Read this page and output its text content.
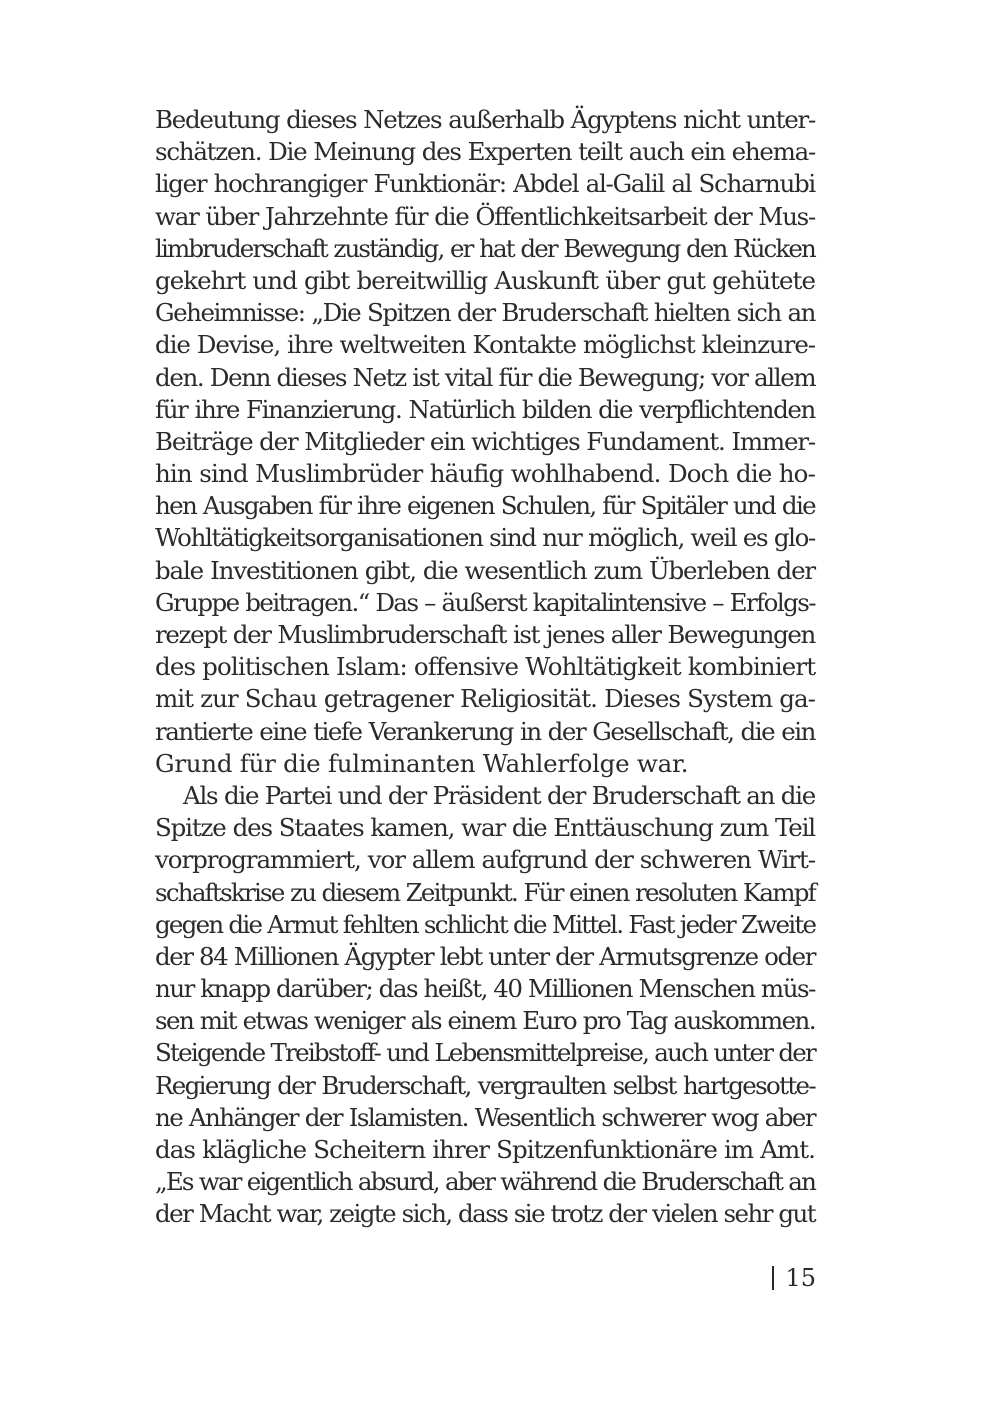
Bedeutung dieses Netzes außerhalb Ägyptens nicht unter-
schätzen. Die Meinung des Experten teilt auch ein ehema-
liger hochrangiger Funktionär: Abdel al-Galil al Scharnubi
war über Jahrzehnte für die Öffentlichkeitsarbeit der Mus-
limbruderschaft zuständig, er hat der Bewegung den Rücken
gekehrt und gibt bereitwillig Auskunft über gut gehütete
Geheimnisse: „Die Spitzen der Bruderschaft hielten sich an
die Devise, ihre weltweiten Kontakte möglichst kleinzure-
den. Denn dieses Netz ist vital für die Bewegung; vor allem
für ihre Finanzierung. Natürlich bilden die verpflichtenden
Beiträge der Mitglieder ein wichtiges Fundament. Immer-
hin sind Muslimbrüder häufig wohlhabend. Doch die ho-
hen Ausgaben für ihre eigenen Schulen, für Spitäler und die
Wohltätigkeitsorganisationen sind nur möglich, weil es glo-
bale Investitionen gibt, die wesentlich zum Überleben der
Gruppe beitragen.“ Das – äußerst kapitalintensive – Erfolgs-
rezept der Muslimbruderschaft ist jenes aller Bewegungen
des politischen Islam: offensive Wohltätigkeit kombiniert
mit zur Schau getragener Religiosität. Dieses System ga-
rantierte eine tiefe Verankerung in der Gesellschaft, die ein
Grund für die fulminanten Wahlerfolge war.
Als die Partei und der Präsident der Bruderschaft an die
Spitze des Staates kamen, war die Enttäuschung zum Teil
vorprogrammiert, vor allem aufgrund der schweren Wirt-
schaftskrise zu diesem Zeitpunkt. Für einen resoluten Kampf
gegen die Armut fehlten schlicht die Mittel. Fast jeder Zweite
der 84 Millionen Ägypter lebt unter der Armutsgrenze oder
nur knapp darüber; das heißt, 40 Millionen Menschen müs-
sen mit etwas weniger als einem Euro pro Tag auskommen.
Steigende Treibstoff- und Lebensmittelpreise, auch unter der
Regierung der Bruderschaft, vergraulten selbst hartgesotte-
ne Anhänger der Islamisten. Wesentlich schwerer wog aber
das klägliche Scheitern ihrer Spitzenfunktionäre im Amt.
„Es war eigentlich absurd, aber während die Bruderschaft an
der Macht war, zeigte sich, dass sie trotz der vielen sehr gut
15
